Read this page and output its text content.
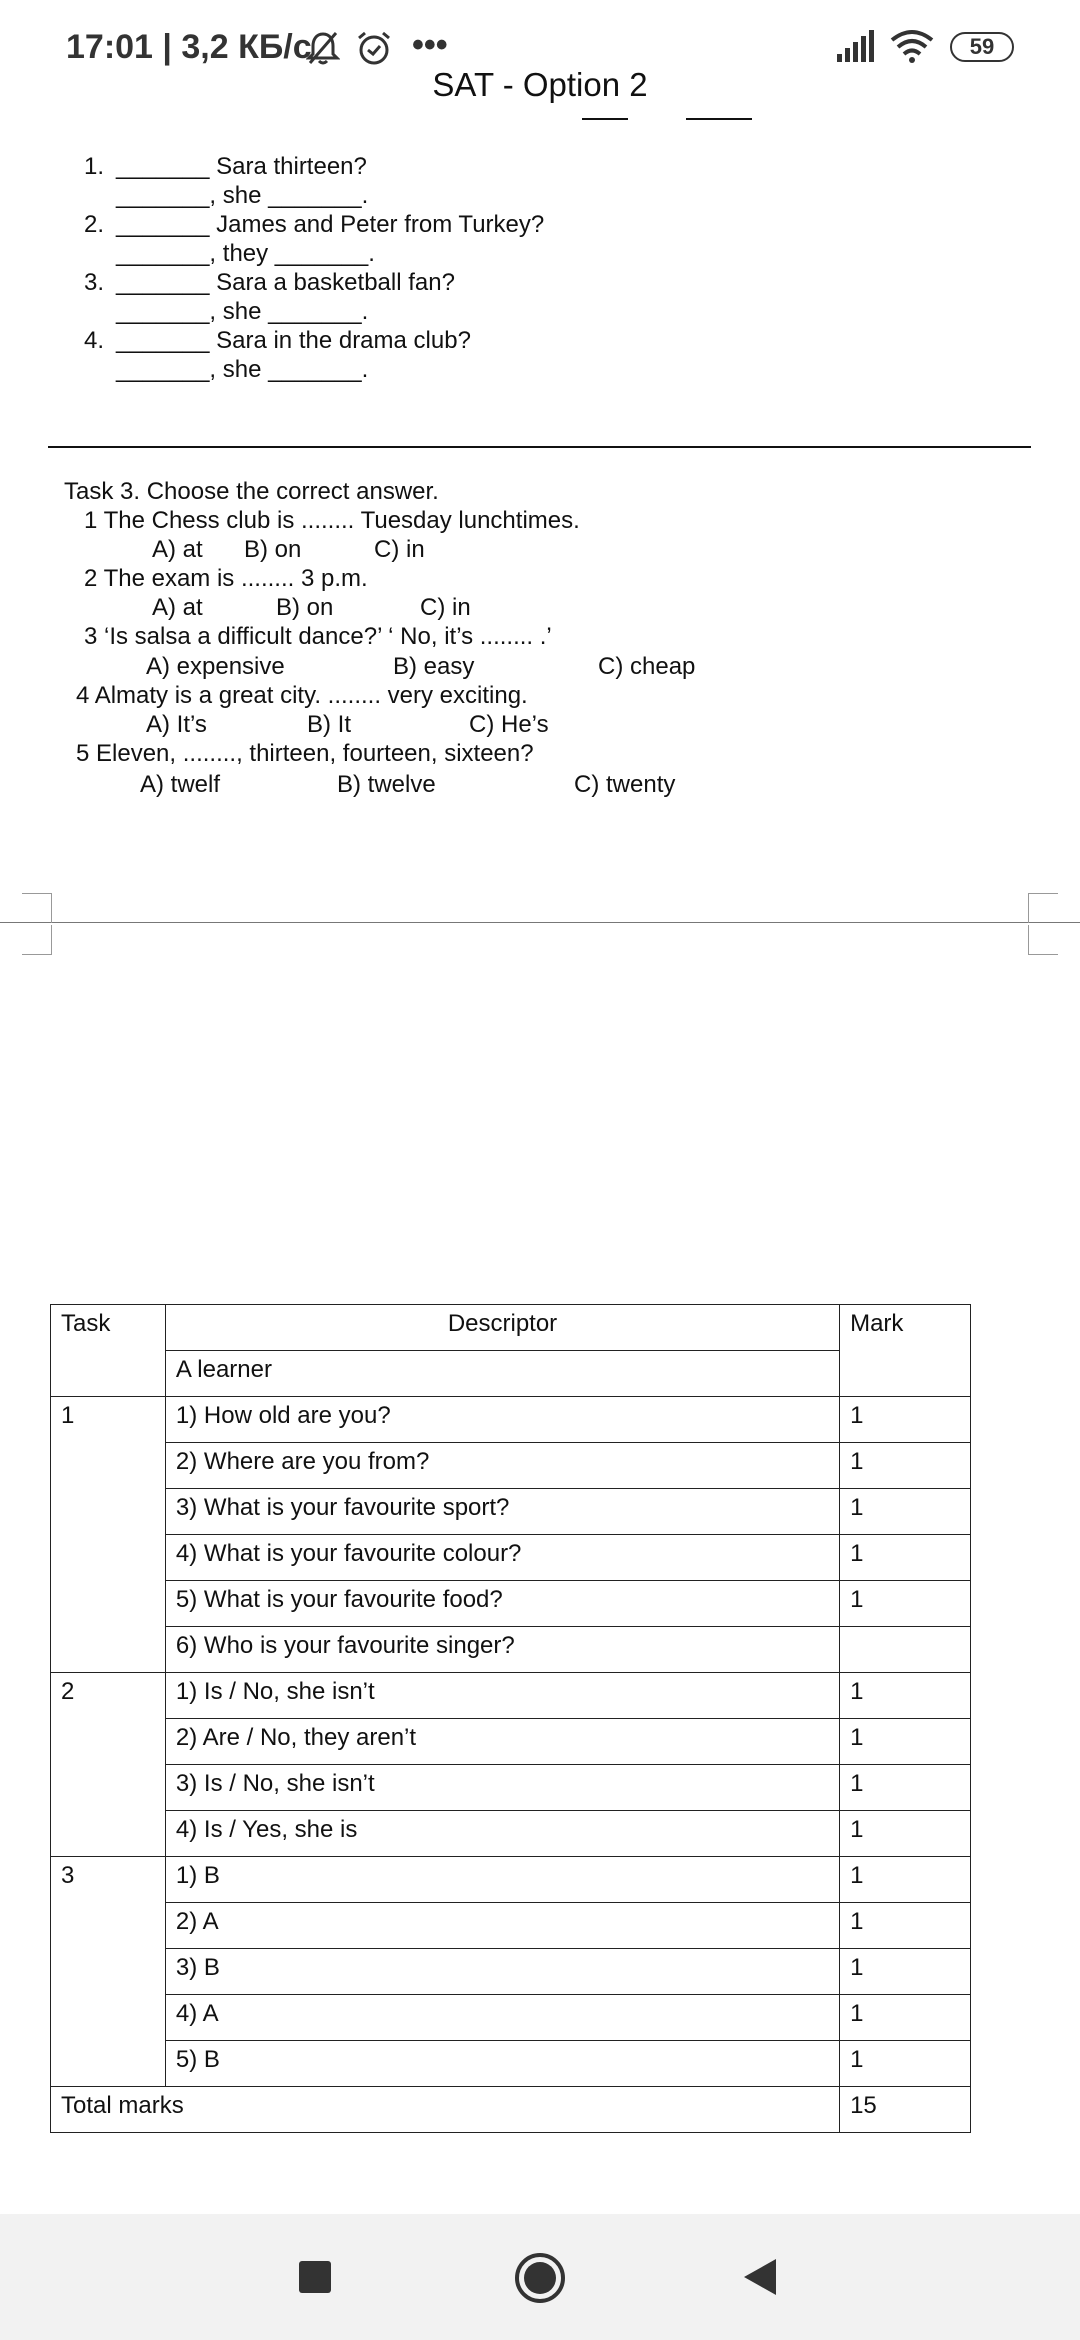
17:01 | 3,2 КБ/с	•••	59
SAT - Option 2
1. _______ Sara thirteen?
_______, she _______.
2. _______ James and Peter from Turkey?
_______, they _______.
3. _______ Sara a basketball fan?
_______, she _______.
4. _______ Sara in the drama club?
_______, she _______.
Task 3. Choose the correct answer.
1 The Chess club is ........ Tuesday lunchtimes.
A) at B) on	C) in
2 The exam is ........ 3 p.m.
A) at	B) on	C) in
3 ‘Is salsa a difficult dance?’ ‘ No, it’s ........ .’
A) expensive	B) easy	C) cheap
4 Almaty is a great city. ........ very exciting.
A) It’s	B) It	C) He’s
5 Eleven, ........, thirteen, fourteen, sixteen?
A) twelf	B) twelve	C) twenty
Task	Descriptor	Mark
	A learner	
1	1) How old are you?	1
	2) Where are you from?	1
	3) What is your favourite sport?	1
	4) What is your favourite colour?	1
	5) What is your favourite food?	1
	6) Who is your favourite singer?	
2	1) Is / No, she isn’t	1
	2) Are / No, they aren’t	1
	3) Is / No, she isn’t	1
	4) Is / Yes, she is	1
3	1) B	1
	2) A	1
	3) B	1
	4) A	1
	5) B	1
Total marks		15
